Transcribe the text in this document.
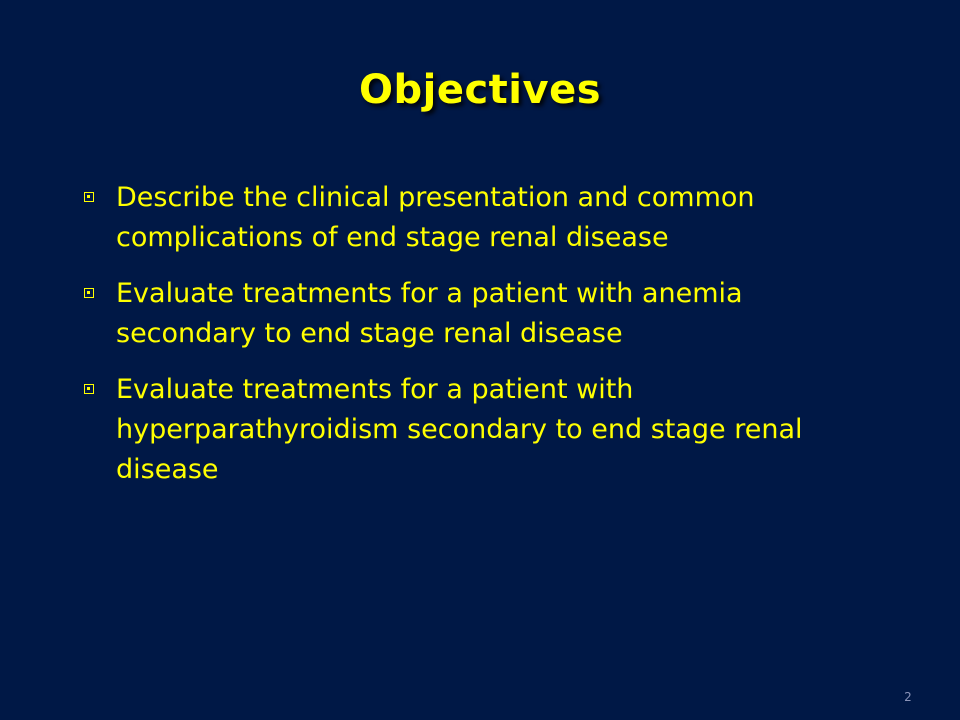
Objectives
Describe the clinical presentation and common complications of end stage renal disease
Evaluate treatments for a patient with anemia secondary to end stage renal disease
Evaluate treatments for a patient with hyperparathyroidism secondary to end stage renal disease
2
